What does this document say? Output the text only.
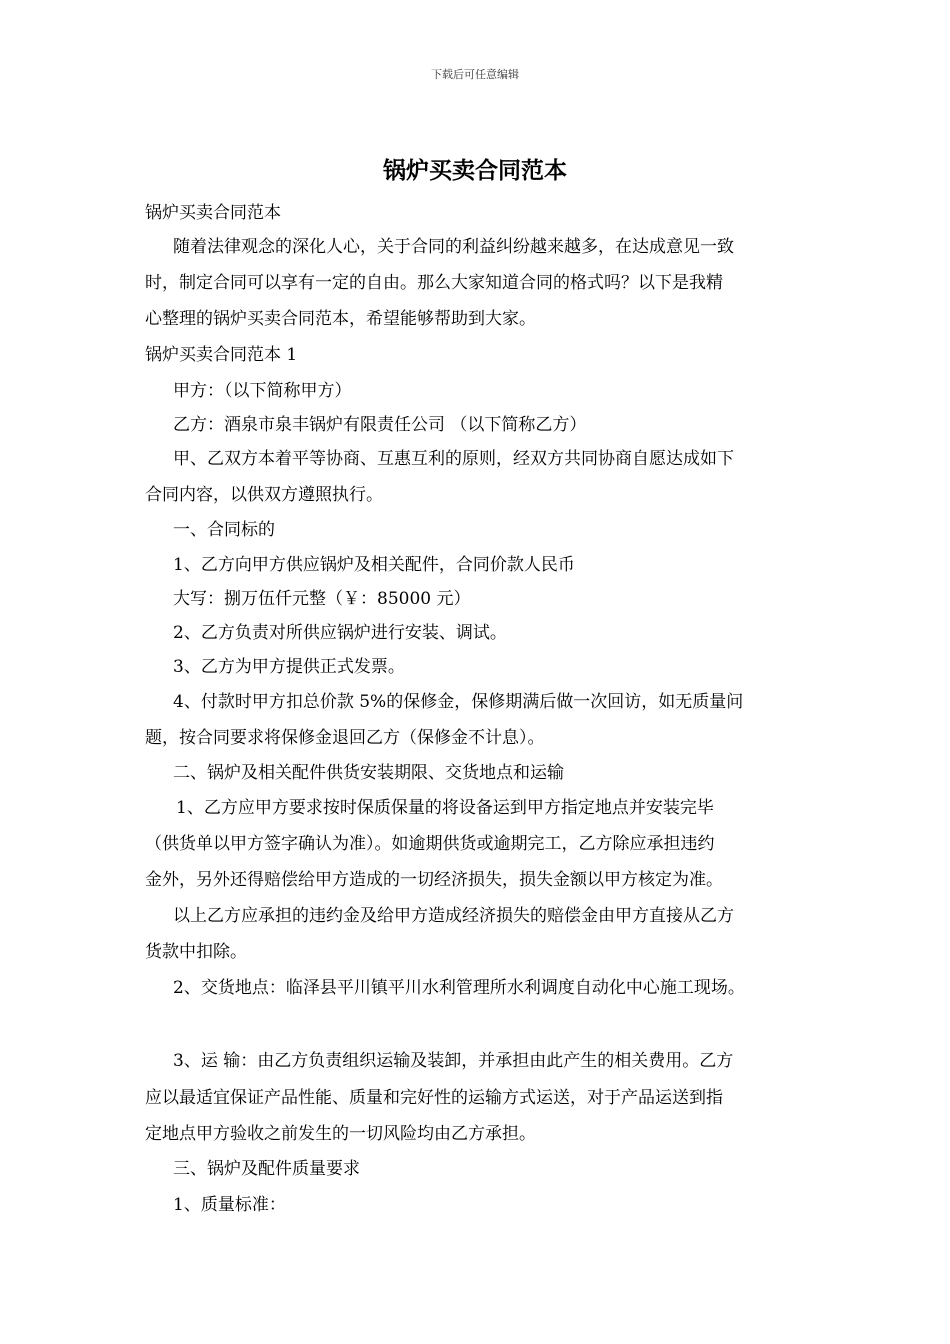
下载后可任意编辑
锅炉买卖合同范本
锅炉买卖合同范本
随着法律观念的深化人心，关于合同的利益纠纷越来越多，在达成意见一致
时，制定合同可以享有一定的自由。那么大家知道合同的格式吗？以下是我精
心整理的锅炉买卖合同范本，希望能够帮助到大家。
锅炉买卖合同范本 1
甲方：（以下简称甲方）
乙方：酒泉市泉丰锅炉有限责任公司 （以下简称乙方）
甲、乙双方本着平等协商、互惠互利的原则，经双方共同协商自愿达成如下
合同内容，以供双方遵照执行。
一、合同标的
1、乙方向甲方供应锅炉及相关配件，合同价款人民币
大写：捌万伍仟元整（￥：85000 元）
2、乙方负责对所供应锅炉进行安装、调试。
3、乙方为甲方提供正式发票。
4、付款时甲方扣总价款 5%的保修金，保修期满后做一次回访，如无质量问
题，按合同要求将保修金退回乙方（保修金不计息）。
二、锅炉及相关配件供货安装期限、交货地点和运输
1、乙方应甲方要求按时保质保量的将设备运到甲方指定地点并安装完毕
（供货单以甲方签字确认为准）。如逾期供货或逾期完工，乙方除应承担违约
金外，另外还得赔偿给甲方造成的一切经济损失，损失金额以甲方核定为准。
以上乙方应承担的违约金及给甲方造成经济损失的赔偿金由甲方直接从乙方
货款中扣除。
2、交货地点：临泽县平川镇平川水利管理所水利调度自动化中心施工现场。
3、运 输：由乙方负责组织运输及装卸，并承担由此产生的相关费用。乙方
应以最适宜保证产品性能、质量和完好性的运输方式运送，对于产品运送到指
定地点甲方验收之前发生的一切风险均由乙方承担。
三、锅炉及配件质量要求
1、质量标准：
